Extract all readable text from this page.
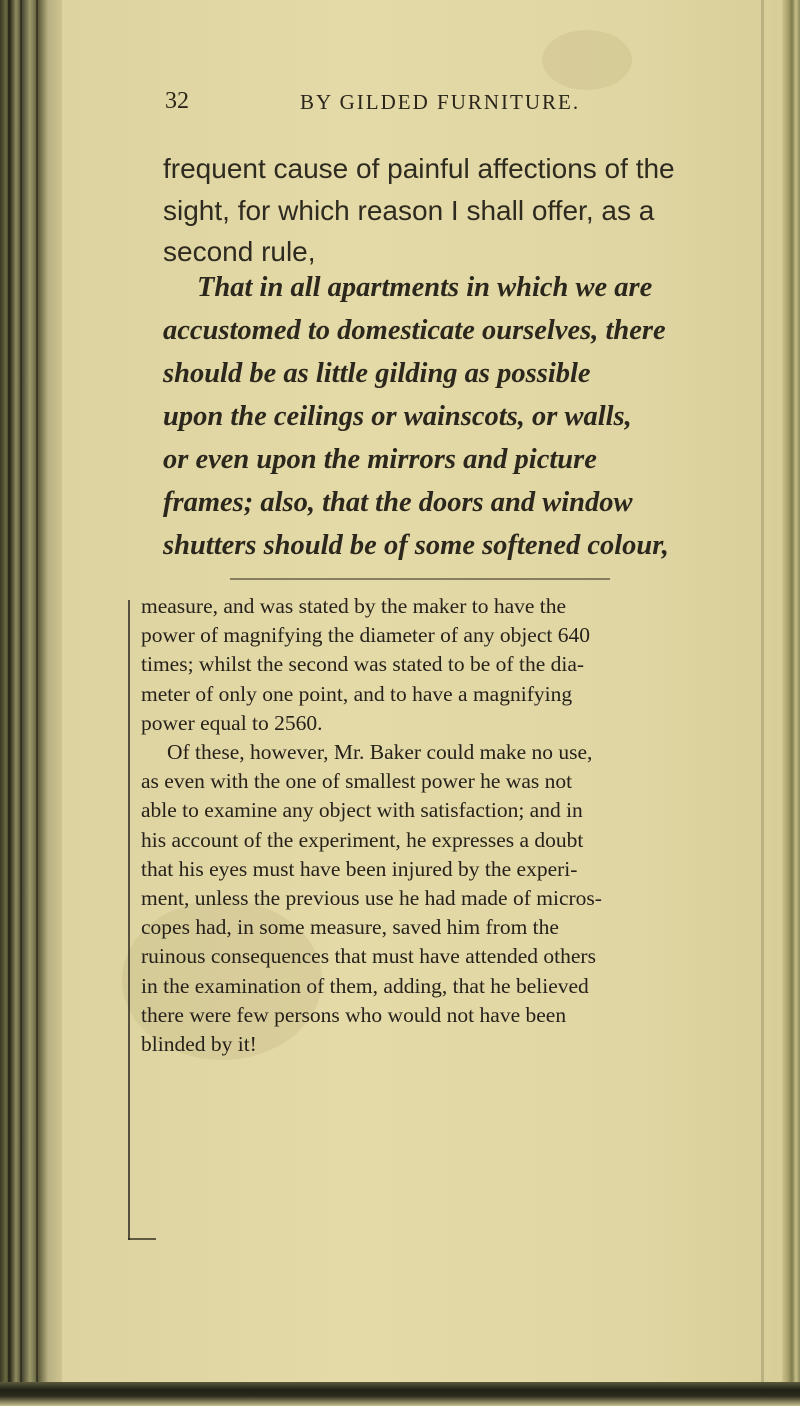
32	BY GILDED FURNITURE.
frequent cause of painful affections of the
sight, for which reason I shall offer, as a
second rule,
That in all apartments in which we are
accustomed to domesticate ourselves, there
should be as little gilding as possible
upon the ceilings or wainscots, or walls,
or even upon the mirrors and picture
frames; also, that the doors and window
shutters should be of some softened colour,
measure, and was stated by the maker to have the
power of magnifying the diameter of any object 640
times; whilst the second was stated to be of the dia-
meter of only one point, and to have a magnifying
power equal to 2560.
Of these, however, Mr. Baker could make no use,
as even with the one of smallest power he was not
able to examine any object with satisfaction; and in
his account of the experiment, he expresses a doubt
that his eyes must have been injured by the experi-
ment, unless the previous use he had made of micros-
copes had, in some measure, saved him from the
ruinous consequences that must have attended others
in the examination of them, adding, that he believed
there were few persons who would not have been
blinded by it!
